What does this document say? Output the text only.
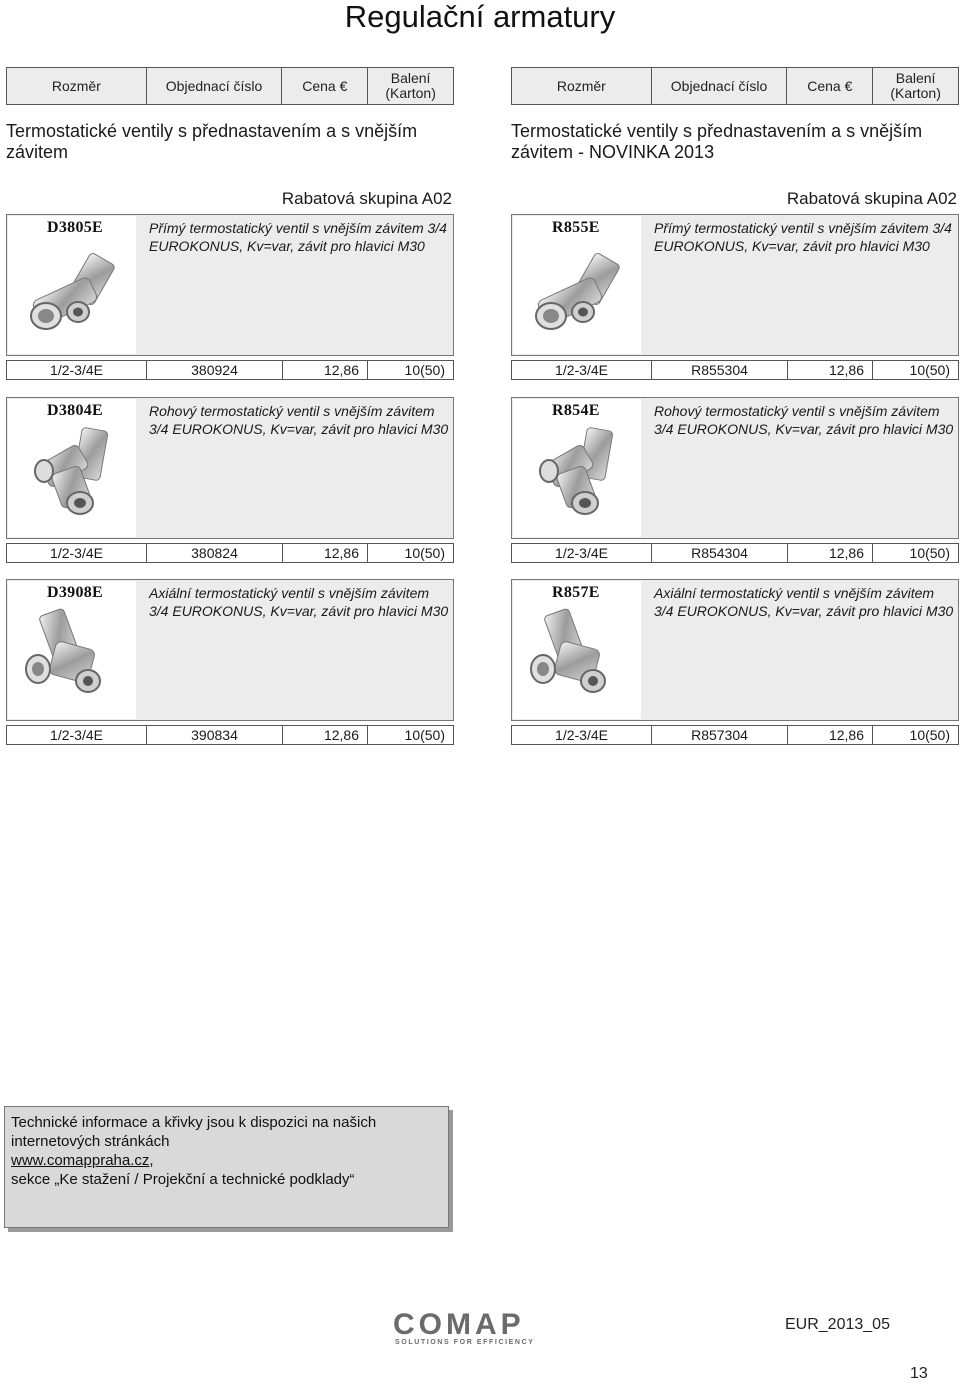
Regulační armatury
Rozměr	Objednací číslo	Cena €	Balení (Karton)
Termostatické ventily s přednastavením a s vnějším závitem
Rabatová skupina A02
D3805E	Přímý termostatický ventil s vnějším závitem 3/4 EUROKONUS, Kv=var, závit pro hlavici M30
1/2-3/4E	380924	12,86	10(50)
D3804E	Rohový termostatický ventil s vnějším závitem 3/4 EUROKONUS, Kv=var, závit pro hlavici M30
1/2-3/4E	380824	12,86	10(50)
D3908E	Axiální termostatický ventil s vnějším závitem 3/4 EUROKONUS, Kv=var, závit pro hlavici M30
1/2-3/4E	390834	12,86	10(50)
Rozměr	Objednací číslo	Cena €	Balení (Karton)
Termostatické ventily s přednastavením a s vnějším závitem - NOVINKA 2013
Rabatová skupina A02
R855E	Přímý termostatický ventil s vnějším závitem 3/4 EUROKONUS, Kv=var, závit pro hlavici M30
1/2-3/4E	R855304	12,86	10(50)
R854E	Rohový termostatický ventil s vnějším závitem 3/4 EUROKONUS, Kv=var, závit pro hlavici M30
1/2-3/4E	R854304	12,86	10(50)
R857E	Axiální termostatický ventil s vnějším závitem 3/4 EUROKONUS, Kv=var, závit pro hlavici M30
1/2-3/4E	R857304	12,86	10(50)
Technické informace a křivky jsou k dispozici na našich internetových stránkách
www.comappraha.cz,
sekce „Ke stažení / Projekční a technické podklady“
COMAP
SOLUTIONS FOR EFFICIENCY
EUR_2013_05
13
